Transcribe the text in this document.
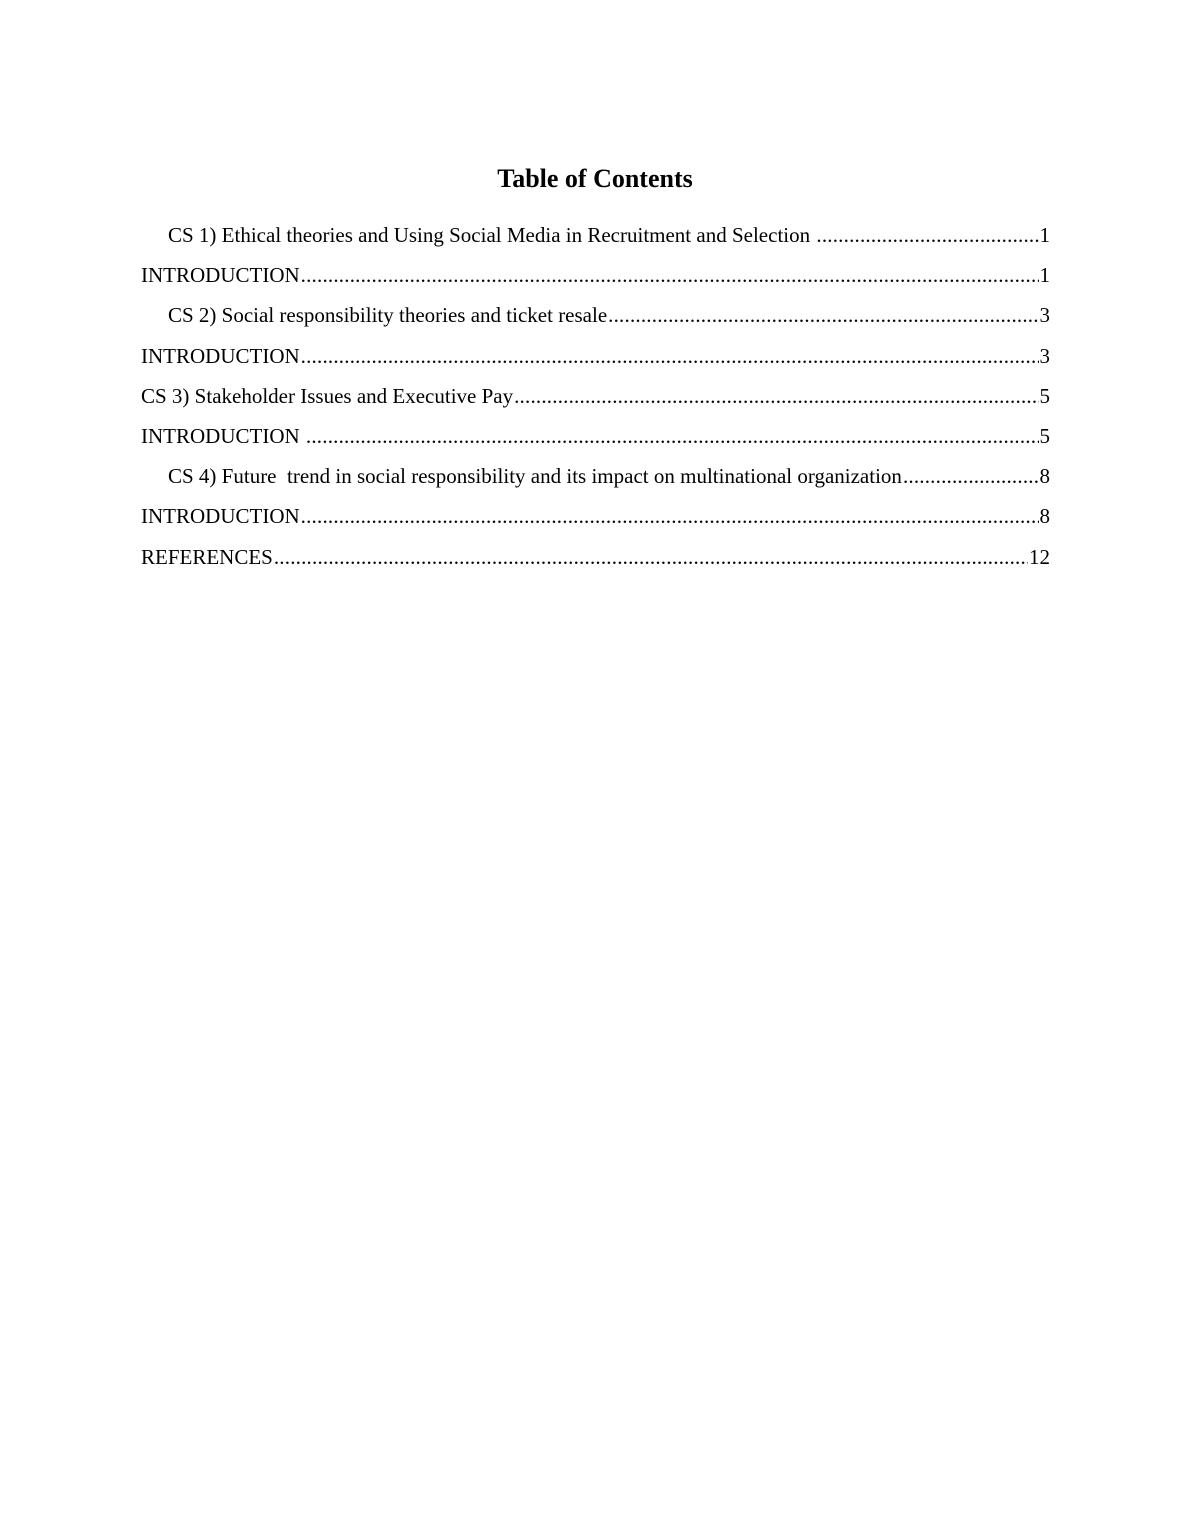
Table of Contents
CS 1) Ethical theories and Using Social Media in Recruitment and Selection .....	1
INTRODUCTION .....	1
CS 2) Social responsibility theories and ticket resale .....	3
INTRODUCTION .....	3
CS 3) Stakeholder Issues and Executive Pay .....	5
INTRODUCTION .....	5
CS 4) Future  trend in social responsibility and its impact on multinational organization .....	8
INTRODUCTION .....	8
REFERENCES .....	12
